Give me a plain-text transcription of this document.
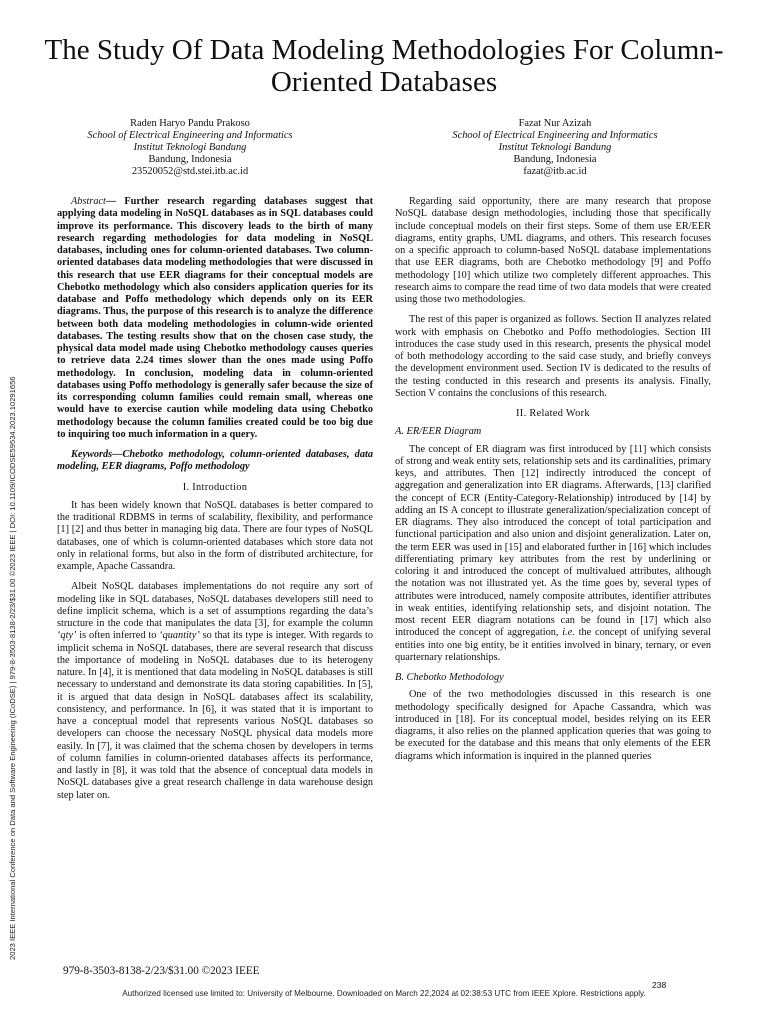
The Study Of Data Modeling Methodologies For Column-Oriented Databases
Raden Haryo Pandu Prakoso
School of Electrical Engineering and Informatics
Institut Teknologi Bandung
Bandung, Indonesia
23520052@std.stei.itb.ac.id
Fazat Nur Azizah
School of Electrical Engineering and Informatics
Institut Teknologi Bandung
Bandung, Indonesia
fazat@itb.ac.id

Abstract— Further research regarding databases suggest that applying data modeling in NoSQL databases as in SQL databases could improve its performance. This discovery leads to the birth of many research regarding methodologies for data modeling in NoSQL databases, including ones for column-oriented databases. Two column-oriented databases data modeling methodologies that were discussed in this research that use EER diagrams for their conceptual models are Chebotko methodology which also considers application queries for its database and Poffo methodology which depends only on its EER diagrams. Thus, the purpose of this research is to analyze the difference between both data modeling methodologies in column-wide oriented databases. The testing results show that on the chosen case study, the physical data model made using Chebotko methodology causes queries to retrieve data 2.24 times slower than the ones made using Poffo methodology. In conclusion, modeling data in column-oriented databases using Poffo methodology is generally safer because the size of its corresponding column families could remain small, whereas one would have to exercise caution while modeling data using Chebotko methodology because the column families created could be too big due to inquiring too much information in a query.

Keywords—Chebotko methodology, column-oriented databases, data modeling, EER diagrams, Poffo methodology

I. Introduction

It has been widely known that NoSQL databases is better compared to the traditional RDBMS in terms of scalability, flexibility, and performance [1] [2] and thus better in managing big data. There are four types of NoSQL databases, one of which is column-oriented databases which store data not only in relational forms, but also in the form of distributed architecture, for example, Apache Cassandra.

Albeit NoSQL databases implementations do not require any sort of modeling like in SQL databases, NoSQL databases developers still need to define implicit schema, which is a set of assumptions regarding the data’s structure in the code that manipulates the data [3], for example the column ‘qty’ is often inferred to ‘quantity’ so that its type is integer. With regards to implicit schema in NoSQL databases, there are several research that discuss the importance of modeling in NoSQL databases due to its heterogeny nature. In [4], it is mentioned that data modeling in NoSQL databases is still necessary to understand and demonstrate its data storing capabilities. In [5], it is argued that data design in NoSQL databases affect its scalability, consistency, and performance. In [6], it was stated that it is important to have a conceptual model that represents various NoSQL databases so developers can choose the necessary NoSQL physical data models more easily. In [7], it was claimed that the schema chosen by developers in terms of column families in column-oriented databases affects its performance, and lastly in [8], it was told that the absence of conceptual data models in NoSQL databases give a great research challenge in data warehouse design step later on.

Regarding said opportunity, there are many research that propose NoSQL database design methodologies, including those that specifically include conceptual models on their first steps. Some of them use ER/EER diagrams, entity graphs, UML diagrams, and others. This research focuses on a specific approach to column-based NoSQL database implementations that use EER diagrams, both are Chebotko methodology [9] and Poffo methodology [10] which utilize two completely different approaches. This research aims to compare the read time of two data models that were created using those two methodologies.

The rest of this paper is organized as follows. Section II analyzes related work with emphasis on Chebotko and Poffo methodologies. Section III introduces the case study used in this research, presents the physical model of both methodology according to the said case study, and briefly conveys the development environment used. Section IV is dedicated to the results of the testing conducted in this research and presents its analysis. Finally, Section V contains the conclusions of this research.

II. Related Work
A. ER/EER Diagram

The concept of ER diagram was first introduced by [11] which consists of strong and weak entity sets, relationship sets and its cardinalities, primary keys, and attributes. Then [12] indirectly introduced the concept of aggregation and generalization into ER diagrams. Afterwards, [13] clarified the concept of ECR (Entity-Category-Relationship) introduced by [14] by adding an IS A concept to illustrate generalization/specialization concept of ER diagrams. They also introduced the concept of total participation and functional participation and also union and disjoint generalization. Later on, the term EER was used in [15] and elaborated further in [16] which includes differentiating primary key attributes from the rest by underlining or coloring it and introduced the concept of multivalued attributes, although the notation was not illustrated yet. As the time goes by, several types of attributes were introduced, namely composite attributes, identifier attributes in weak entities, identifying relationship sets, and disjoint notation. The most recent EER diagram notations can be found in [17] which also introduced the concept of aggregation, i.e. the concept of unifying several entities into one big entity, be it entities involved in binary, ternary, or even quarternary relationships.

B. Chebotko Methodology

One of the two methodologies discussed in this research is one methodology specifically designed for Apache Cassandra, which was introduced in [18]. For its conceptual model, besides relying on its EER diagrams, it also relies on the planned application queries that was going to be executed for the database and this means that only elements of the EER diagrams which information is inquired in the planned queries

2023 IEEE International Conference on Data and Software Engineering (ICoDSE) | 979-8-3503-8138-2/23/$31.00 ©2023 IEEE | DOI: 10.1109/ICODSE59534.2023.10291656
979-8-3503-8138-2/23/$31.00 ©2023 IEEE
238
Authorized licensed use limited to: University of Melbourne. Downloaded on March 22,2024 at 02:38:53 UTC from IEEE Xplore. Restrictions apply.
